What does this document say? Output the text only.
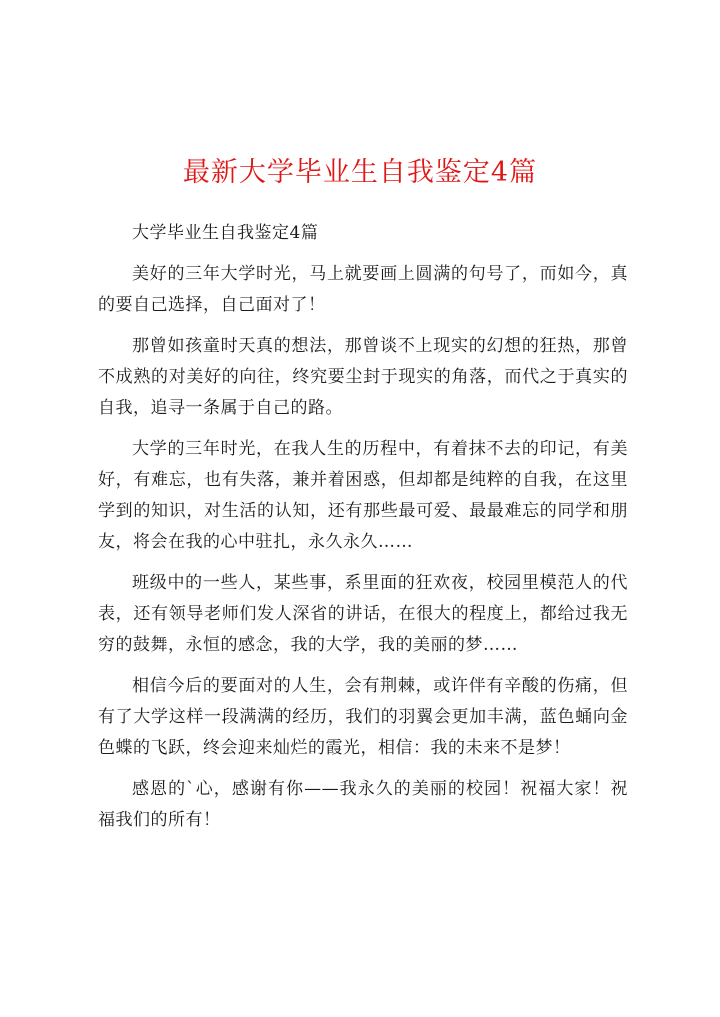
最新大学毕业生自我鉴定4篇

大学毕业生自我鉴定4篇

美好的三年大学时光，马上就要画上圆满的句号了，而如今，真的要自己选择，自己面对了！

那曾如孩童时天真的想法，那曾谈不上现实的幻想的狂热，那曾不成熟的对美好的向往，终究要尘封于现实的角落，而代之于真实的自我，追寻一条属于自己的路。

大学的三年时光，在我人生的历程中，有着抹不去的印记，有美好，有难忘，也有失落，兼并着困惑，但却都是纯粹的自我，在这里学到的知识，对生活的认知，还有那些最可爱、最最难忘的同学和朋友，将会在我的心中驻扎，永久永久……

班级中的一些人，某些事，系里面的狂欢夜，校园里模范人的代表，还有领导老师们发人深省的讲话，在很大的程度上，都给过我无穷的鼓舞，永恒的感念，我的大学，我的美丽的梦……

相信今后的要面对的人生，会有荆棘，或许伴有辛酸的伤痛，但有了大学这样一段满满的经历，我们的羽翼会更加丰满，蓝色蛹向金色蝶的飞跃，终会迎来灿烂的霞光，相信：我的未来不是梦！

感恩的`心，感谢有你——我永久的美丽的校园！祝福大家！祝福我们的所有！
